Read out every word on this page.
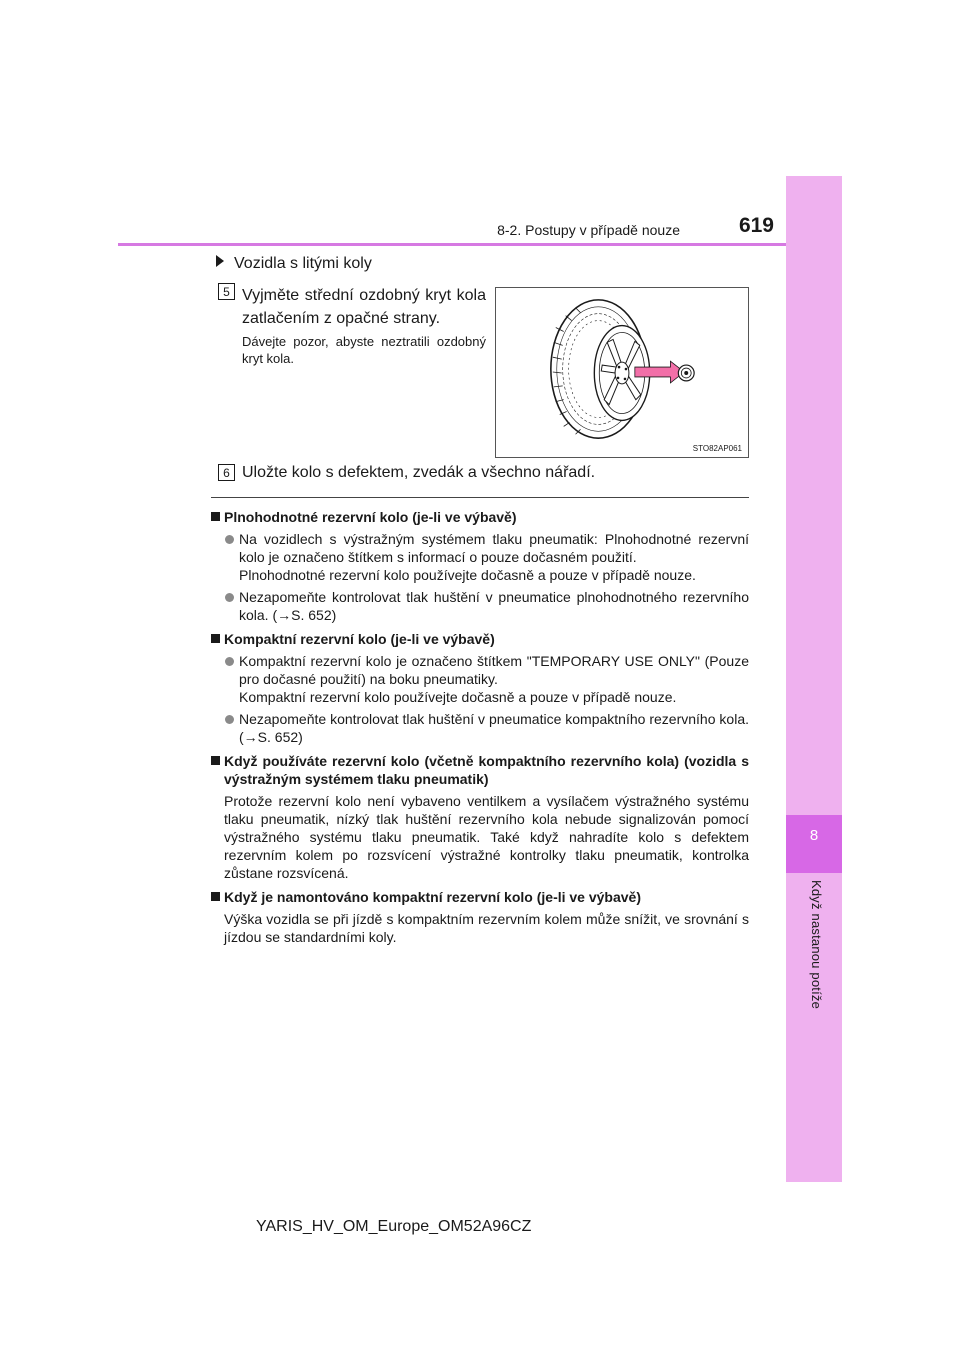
8
Když nastanou potíže
8-2. Postupy v případě nouze	619
Vozidla s litými koly
5 Vyjměte střední ozdobný kryt kola zatlačením z opačné strany.
Dávejte pozor, abyste neztratili ozdobný kryt kola.
STO82AP061
6 Uložte kolo s defektem, zvedák a všechno nářadí.
Plnohodnotné rezervní kolo (je-li ve výbavě)
Na vozidlech s výstražným systémem tlaku pneumatik: Plnohodnotné rezervní kolo je označeno štítkem s informací o pouze dočasném použití.
Plnohodnotné rezervní kolo používejte dočasně a pouze v případě nouze.
Nezapomeňte kontrolovat tlak huštění v pneumatice plnohodnotného rezervního kola. (→S. 652)
Kompaktní rezervní kolo (je-li ve výbavě)
Kompaktní rezervní kolo je označeno štítkem "TEMPORARY USE ONLY" (Pouze pro dočasné použití) na boku pneumatiky.
Kompaktní rezervní kolo používejte dočasně a pouze v případě nouze.
Nezapomeňte kontrolovat tlak huštění v pneumatice kompaktního rezervního kola. (→S. 652)
Když používáte rezervní kolo (včetně kompaktního rezervního kola) (vozidla s výstražným systémem tlaku pneumatik)
Protože rezervní kolo není vybaveno ventilkem a vysílačem výstražného systému tlaku pneumatik, nízký tlak huštění rezervního kola nebude signalizován pomocí výstražného systému tlaku pneumatik. Také když nahradíte kolo s defektem rezervním kolem po rozsvícení výstražné kontrolky tlaku pneumatik, kontrolka zůstane rozsvícená.
Když je namontováno kompaktní rezervní kolo (je-li ve výbavě)
Výška vozidla se při jízdě s kompaktním rezervním kolem může snížit, ve srovnání s jízdou se standardními koly.
YARIS_HV_OM_Europe_OM52A96CZ
